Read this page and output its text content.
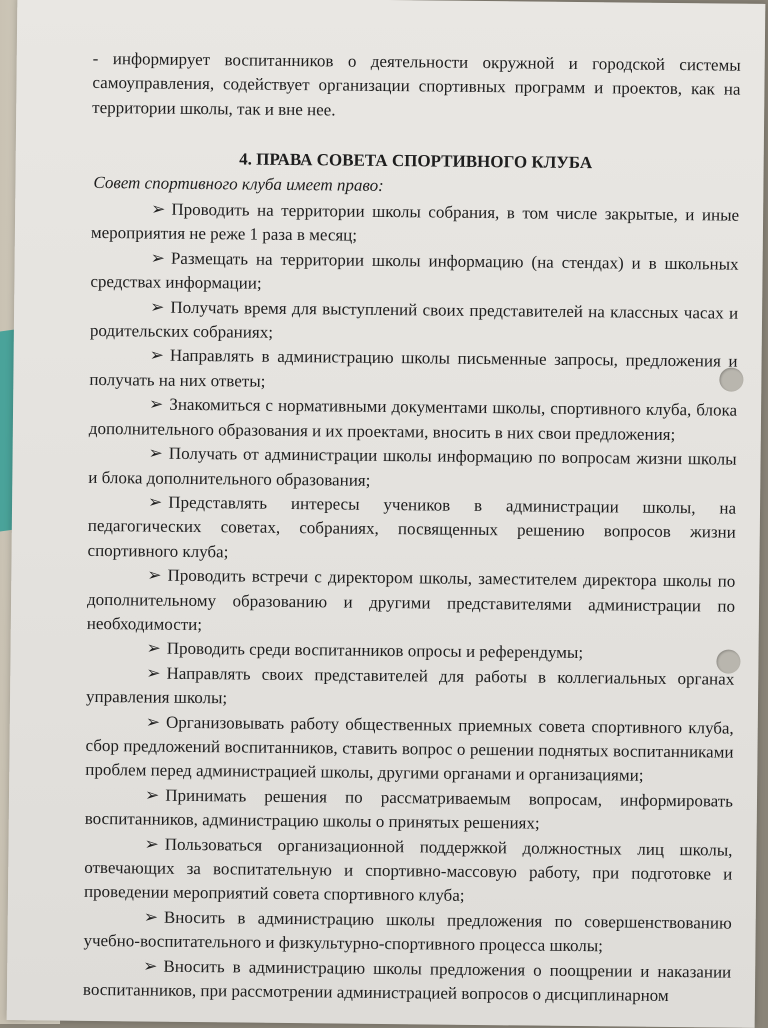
- информирует воспитанников о деятельности окружной и городской системы самоуправления, содействует организации спортивных программ и проектов, как на территории школы, так и вне нее.

4. ПРАВА СОВЕТА СПОРТИВНОГО КЛУБА
Совет спортивного клуба имеет право:

➢ Проводить на территории школы собрания, в том числе закрытые, и иные мероприятия не реже 1 раза в месяц;

➢ Размещать на территории школы информацию (на стендах) и в школьных средствах информации;

➢ Получать время для выступлений своих представителей на классных часах и родительских собраниях;

➢ Направлять в администрацию школы письменные запросы, предложения и получать на них ответы;

➢ Знакомиться с нормативными документами школы, спортивного клуба, блока дополнительного образования и их проектами, вносить в них свои предложения;

➢ Получать от администрации школы информацию по вопросам жизни школы и блока дополнительного образования;

➢ Представлять интересы учеников в администрации школы, на педагогических советах, собраниях, посвященных решению вопросов жизни спортивного клуба;

➢ Проводить встречи с директором школы, заместителем директора школы по дополнительному образованию и другими представителями администрации по необходимости;

➢ Проводить среди воспитанников опросы и референдумы;

➢ Направлять своих представителей для работы в коллегиальных органах управления школы;

➢ Организовывать работу общественных приемных совета спортивного клуба, сбор предложений воспитанников, ставить вопрос о решении поднятых воспитанниками проблем перед администрацией школы, другими органами и организациями;

➢ Принимать решения по рассматриваемым вопросам, информировать воспитанников, администрацию школы о принятых решениях;

➢ Пользоваться организационной поддержкой должностных лиц школы, отвечающих за воспитательную и спортивно-массовую работу, при подготовке и проведении мероприятий совета спортивного клуба;

➢ Вносить в администрацию школы предложения по совершенствованию учебно-воспитательного и физкультурно-спортивного процесса школы;

➢ Вносить в администрацию школы предложения о поощрении и наказании воспитанников, при рассмотрении администрацией вопросов о дисциплинарном
